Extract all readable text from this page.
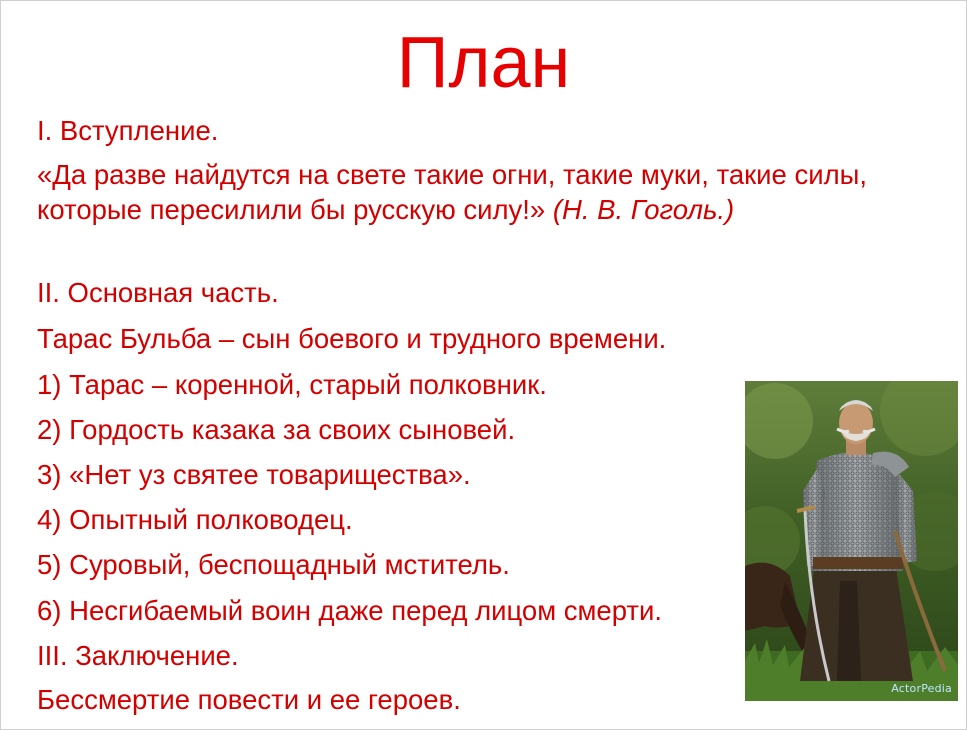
План

I. Вступление.

«Да разве найдутся на свете такие огни, такие муки, такие силы, которые пересилили бы русскую силу!» (Н. В. Гоголь.)

II. Основная часть.

Тарас Бульба – сын боевого и трудного времени.

1) Тарас – коренной, старый полковник.

2) Гордость казака за своих сыновей.

3) «Нет уз святее товарищества».

4) Опытный полководец.

5) Суровый, беспощадный мститель.

6) Несгибаемый воин даже перед лицом смерти.

III. Заключение.

Бессмертие повести и ее героев.	ActorPedia
